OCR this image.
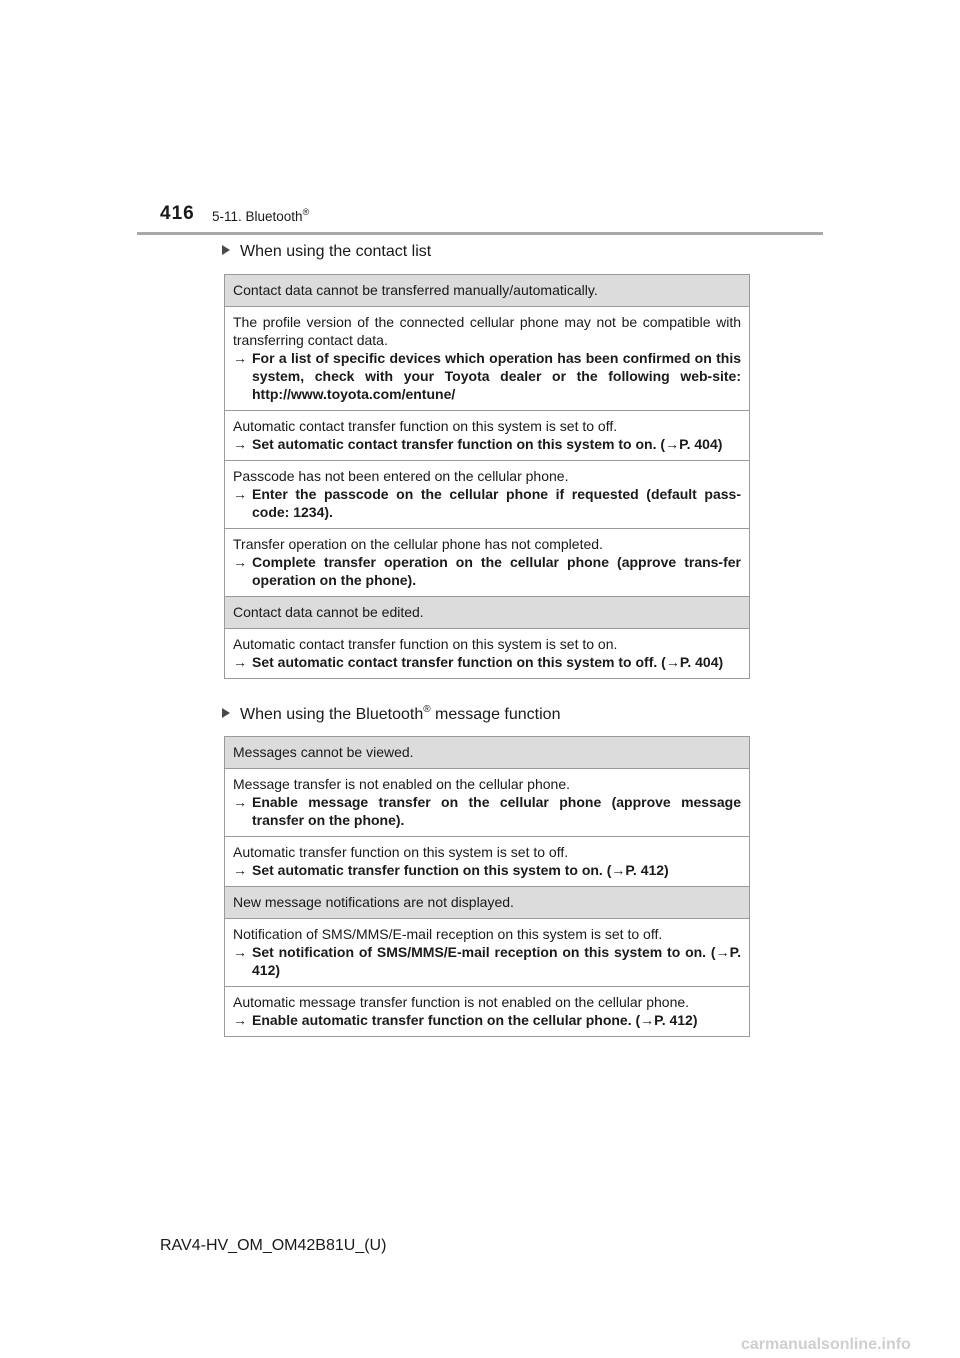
416 5-11. Bluetooth®
When using the contact list
Contact data cannot be transferred manually/automatically.

The profile version of the connected cellular phone may not be compatible with transferring contact data.
→ For a list of specific devices which operation has been confirmed on this system, check with your Toyota dealer or the following web-site: http://www.toyota.com/entune/

Automatic contact transfer function on this system is set to off.
→ Set automatic contact transfer function on this system to on. (→P. 404)

Passcode has not been entered on the cellular phone.
→ Enter the passcode on the cellular phone if requested (default pass-code: 1234).

Transfer operation on the cellular phone has not completed.
→ Complete transfer operation on the cellular phone (approve trans-fer operation on the phone).

Contact data cannot be edited.

Automatic contact transfer function on this system is set to on.
→ Set automatic contact transfer function on this system to off. (→P. 404)
When using the Bluetooth® message function
Messages cannot be viewed.

Message transfer is not enabled on the cellular phone.
→ Enable message transfer on the cellular phone (approve message transfer on the phone).

Automatic transfer function on this system is set to off.
→ Set automatic transfer function on this system to on. (→P. 412)

New message notifications are not displayed.

Notification of SMS/MMS/E-mail reception on this system is set to off.
→ Set notification of SMS/MMS/E-mail reception on this system to on. (→P. 412)

Automatic message transfer function is not enabled on the cellular phone.
→ Enable automatic transfer function on the cellular phone. (→P. 412)
RAV4-HV_OM_OM42B81U_(U)
carmanualsonline.info
